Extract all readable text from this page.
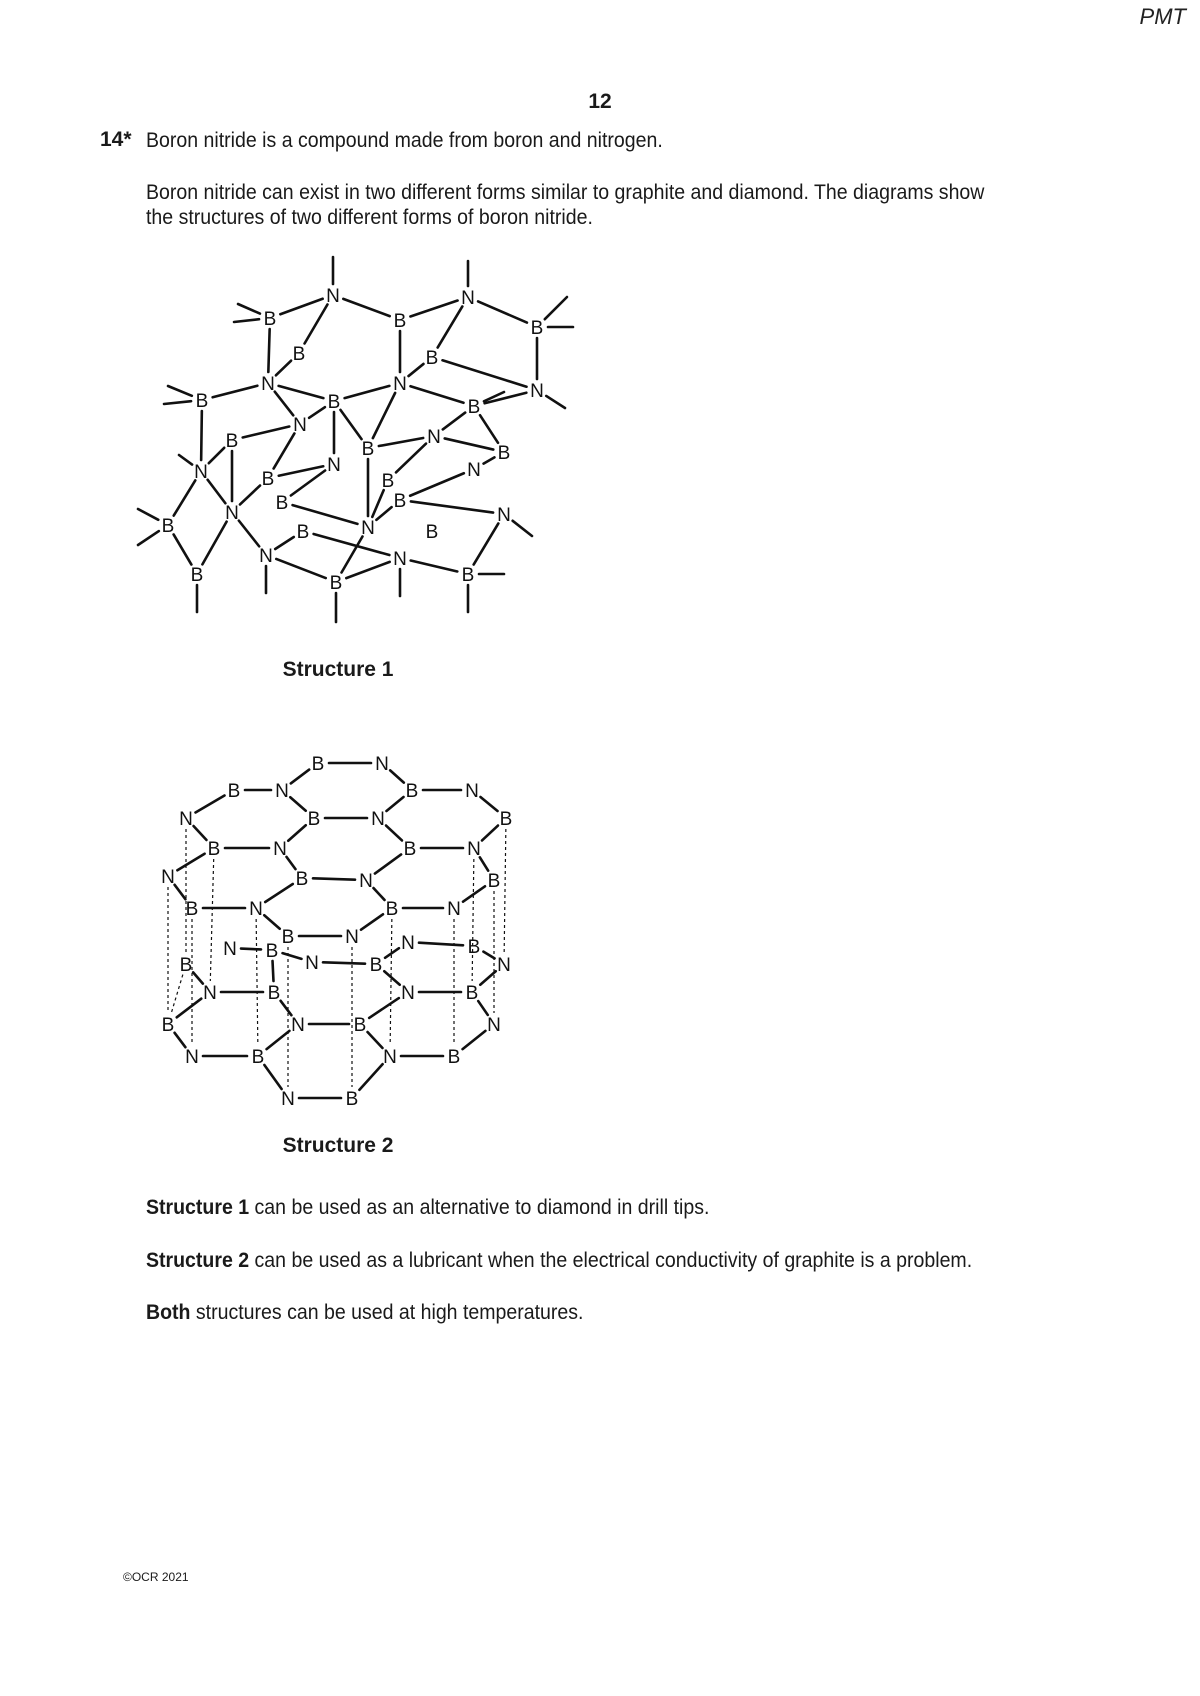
PMT
12
14* Boron nitride is a compound made from boron and nitrogen.
Boron nitride can exist in two different forms similar to graphite and diamond. The diagrams show
the structures of two different forms of boron nitride.
N	N
B	B	B
B	B
N	N	N
B	B	B
N
B	B
N
B
N	N
B	B
N
B	B
N
B	B	N	B
N
B
N
B
N
B
Structure 1
B	N
B N	B N
N	B	N	B
B	N	B	N
N	B	N	B
B	N	B	N
B	N
N B	N	B
B	N	B	N
N	B	N	B
B	N	B	N
N	B	N	B
N	B
Structure 2
Structure 1 can be used as an alternative to diamond in drill tips.
Structure 2 can be used as a lubricant when the electrical conductivity of graphite is a problem.
Both structures can be used at high temperatures.
©OCR 2021
